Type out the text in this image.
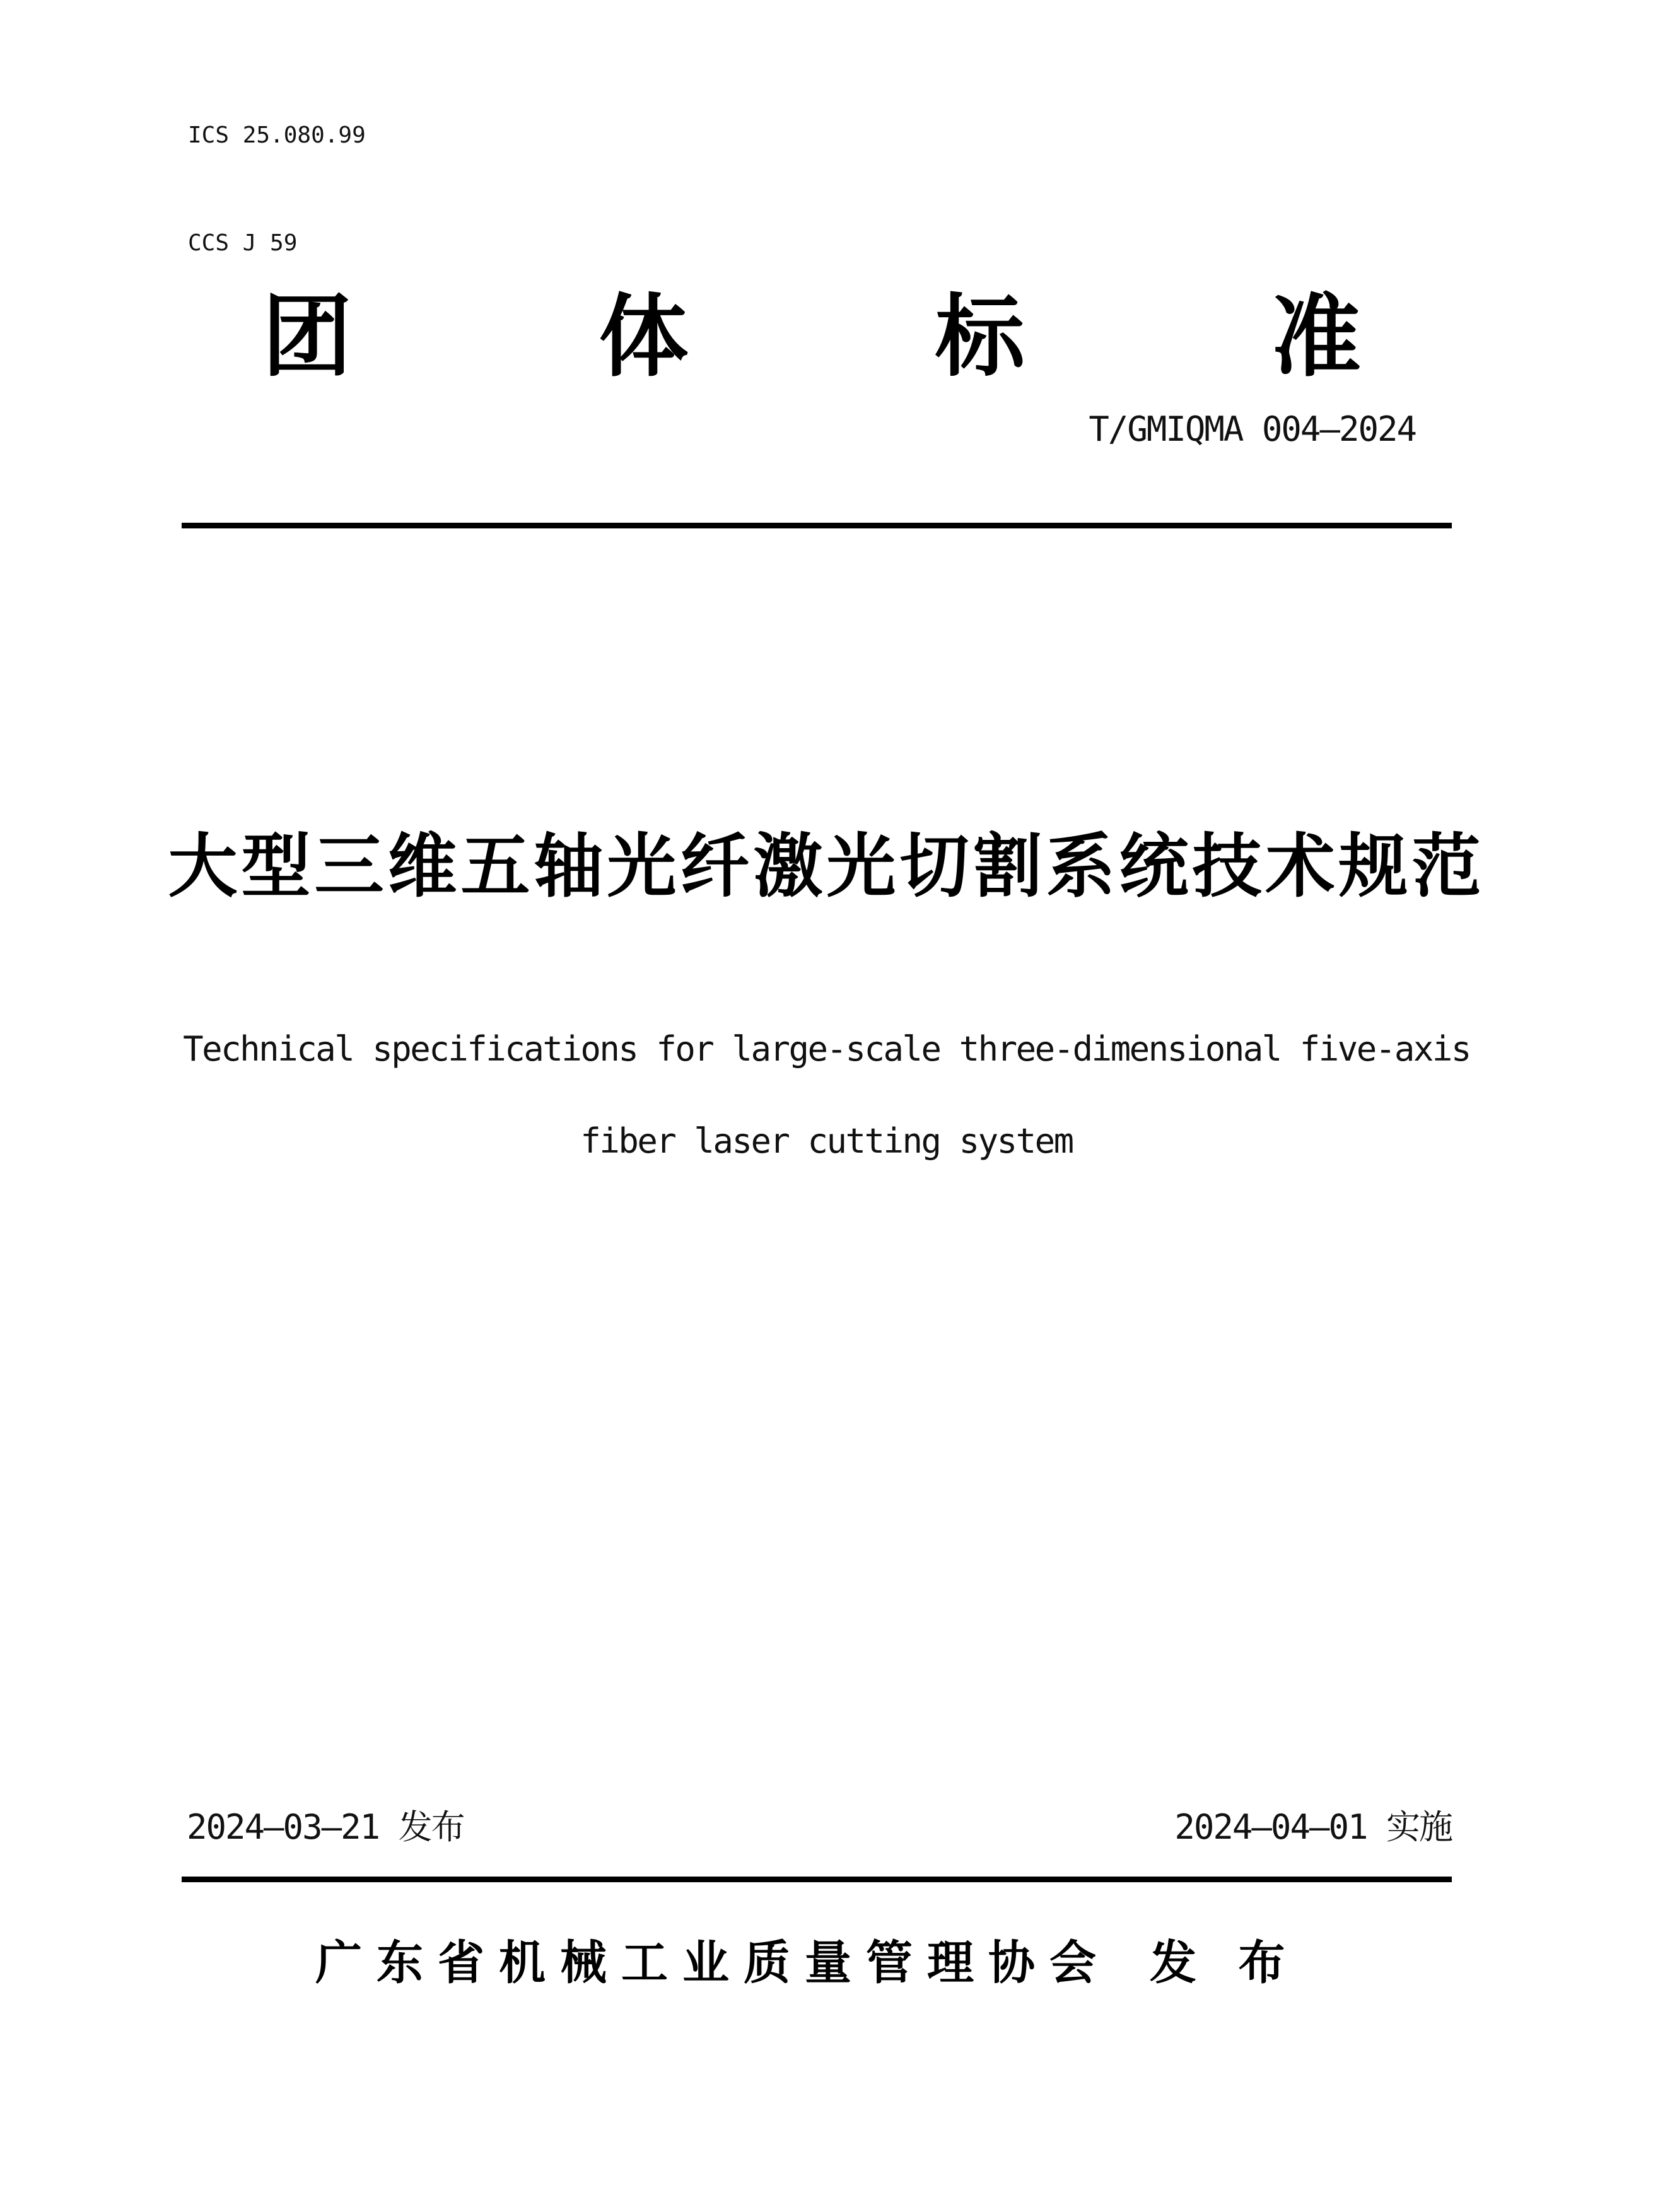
ICS 25.080.99

CCS J 59

团	体	标	准
T/GMIQMA 004—2024
大型三维五轴光纤激光切割系统技术规范
Technical specifications for large-scale three-dimensional five-axis
fiber laser cutting system
2024—03—21 发布	2024—04—01 实施
广东省机械工业质量管理协会 发 布
